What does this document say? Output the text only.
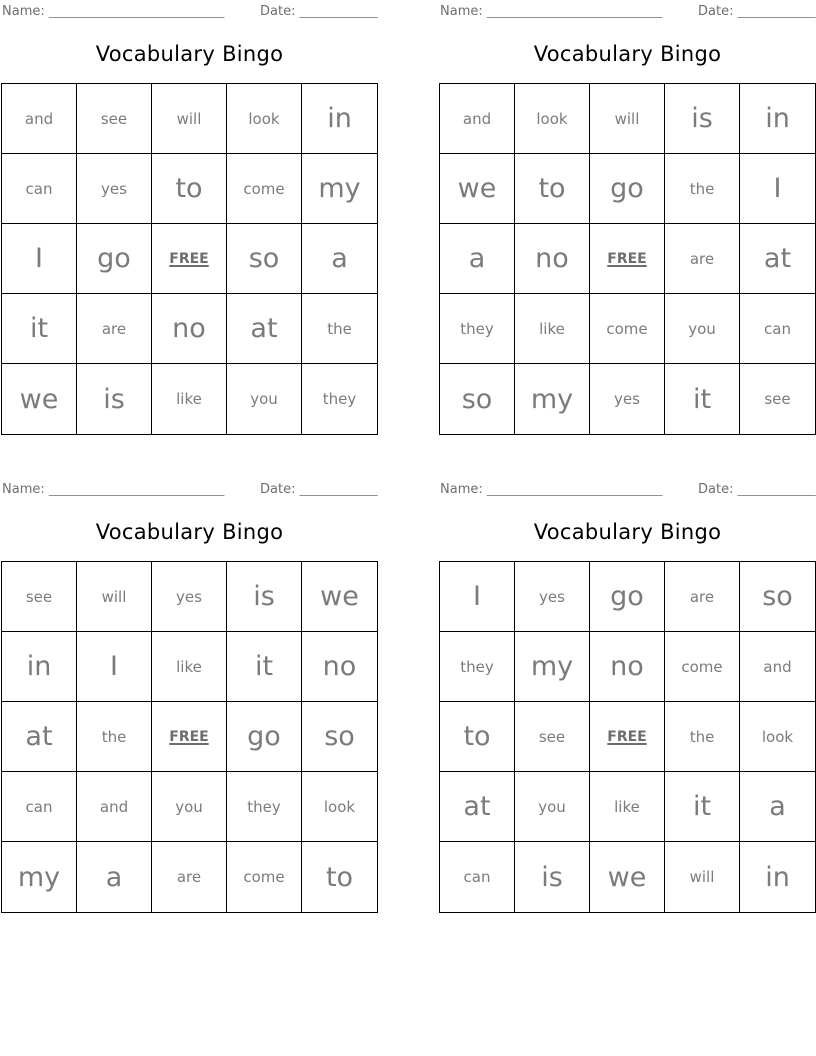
Name: ___________________________	Date: ____________
Vocabulary Bingo
and	see	will	look	in
can	yes	to	come	my
I	go	FREE	so	a
it	are	no	at	the
we	is	like	you	they
Name: ___________________________	Date: ____________
Vocabulary Bingo
and	look	will	is	in
we	to	go	the	I
a	no	FREE	are	at
they	like	come	you	can
so	my	yes	it	see
Name: ___________________________	Date: ____________
Vocabulary Bingo
see	will	yes	is	we
in	I	like	it	no
at	the	FREE	go	so
can	and	you	they	look
my	a	are	come	to
Name: ___________________________	Date: ____________
Vocabulary Bingo
I	yes	go	are	so
they	my	no	come	and
to	see	FREE	the	look
at	you	like	it	a
can	is	we	will	in
